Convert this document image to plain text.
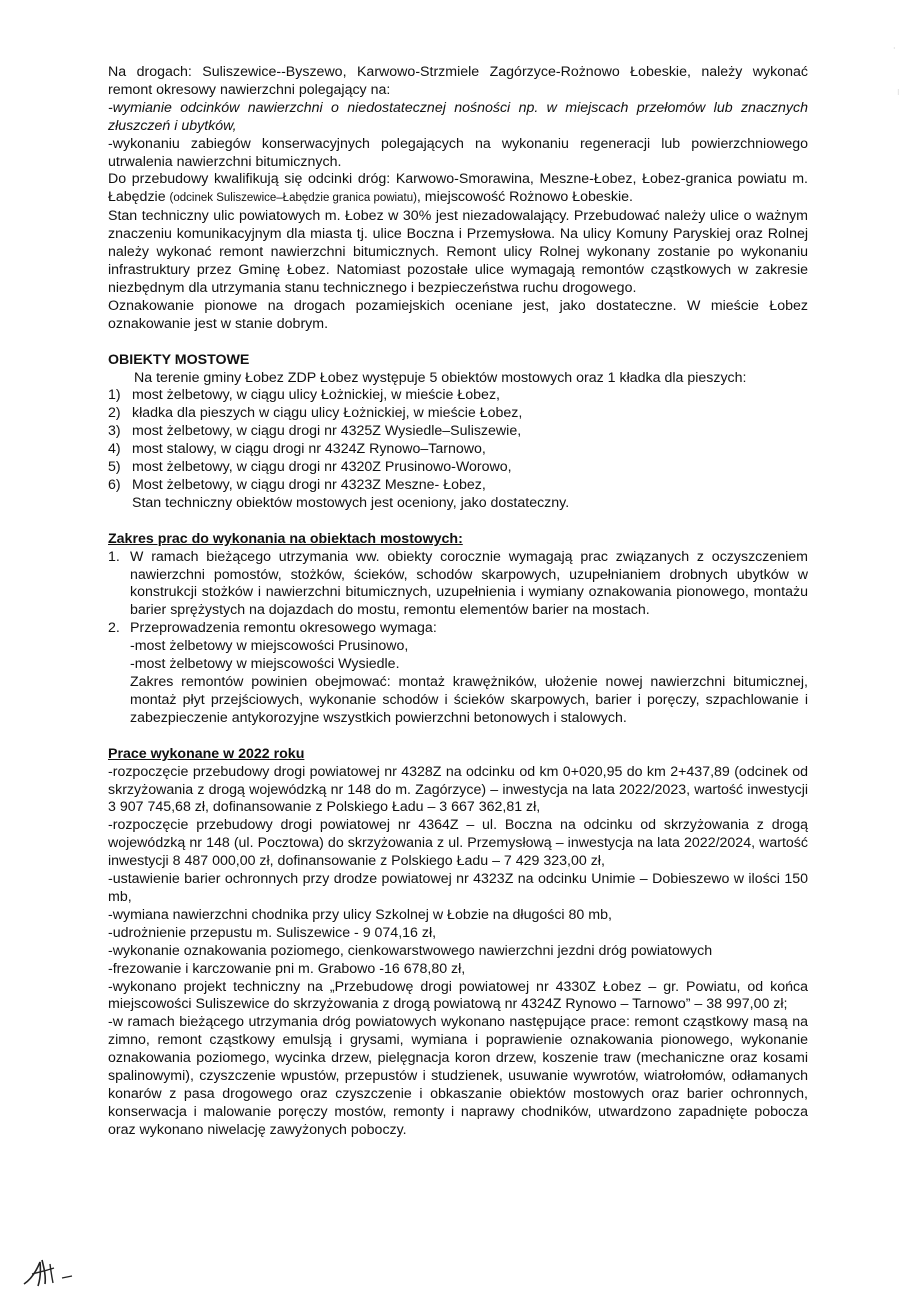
·
⁝

Na drogach: Suliszewice--Byszewo, Karwowo-Strzmiele Zagórzyce-Rożnowo Łobeskie, należy wykonać remont okresowy nawierzchni polegający na:

-wymianie odcinków nawierzchni o niedostatecznej nośności np. w miejscach przełomów lub znacznych złuszczeń i ubytków,

-wykonaniu zabiegów konserwacyjnych polegających na wykonaniu regeneracji lub powierzchniowego utrwalenia nawierzchni bitumicznych.

Do przebudowy kwalifikują się odcinki dróg: Karwowo-Smorawina, Meszne-Łobez, Łobez-granica powiatu m. Łabędzie (odcinek Suliszewice–Łabędzie granica powiatu), miejscowość Rożnowo Łobeskie.

Stan techniczny ulic powiatowych m. Łobez w 30% jest niezadowalający. Przebudować należy ulice o ważnym znaczeniu komunikacyjnym dla miasta tj. ulice Boczna i Przemysłowa. Na ulicy Komuny Paryskiej oraz Rolnej należy wykonać remont nawierzchni bitumicznych. Remont ulicy Rolnej wykonany zostanie po wykonaniu infrastruktury przez Gminę Łobez. Natomiast pozostałe ulice wymagają remontów cząstkowych w zakresie niezbędnym dla utrzymania stanu technicznego i bezpieczeństwa ruchu drogowego.

Oznakowanie pionowe na drogach pozamiejskich oceniane jest, jako dostateczne. W mieście Łobez oznakowanie jest w stanie dobrym.

OBIEKTY MOSTOWE

Na terenie gminy Łobez ZDP Łobez występuje 5 obiektów mostowych oraz 1 kładka dla pieszych:

1) most żelbetowy, w ciągu ulicy Łożnickiej, w mieście Łobez,
2) kładka dla pieszych w ciągu ulicy Łożnickiej, w mieście Łobez,
3) most żelbetowy, w ciągu drogi nr 4325Z Wysiedle–Suliszewie,
4) most stalowy, w ciągu drogi nr 4324Z Rynowo–Tarnowo,
5) most żelbetowy, w ciągu drogi nr 4320Z Prusinowo-Worowo,
6) Most żelbetowy, w ciągu drogi nr 4323Z Meszne- Łobez,

Stan techniczny obiektów mostowych jest oceniony, jako dostateczny.

Zakres prac do wykonania na obiektach mostowych:

1. W ramach bieżącego utrzymania ww. obiekty corocznie wymagają prac związanych z oczyszczeniem nawierzchni pomostów, stożków, ścieków, schodów skarpowych, uzupełnianiem drobnych ubytków w konstrukcji stożków i nawierzchni bitumicznych, uzupełnienia i wymiany oznakowania pionowego, montażu barier sprężystych na dojazdach do mostu, remontu elementów barier na mostach.
2. Przeprowadzenia remontu okresowego wymaga:

-most żelbetowy w miejscowości Prusinowo,

-most żelbetowy w miejscowości Wysiedle.

Zakres remontów powinien obejmować: montaż krawężników, ułożenie nowej nawierzchni bitumicznej, montaż płyt przejściowych, wykonanie schodów i ścieków skarpowych, barier i poręczy, szpachlowanie i zabezpieczenie antykorozyjne wszystkich powierzchni betonowych i stalowych.

Prace wykonane w 2022 roku

-rozpoczęcie przebudowy drogi powiatowej nr 4328Z na odcinku od km 0+020,95 do km 2+437,89 (odcinek od skrzyżowania z drogą wojewódzką nr 148 do m. Zagórzyce) – inwestycja na lata 2022/2023, wartość inwestycji 3 907 745,68 zł, dofinansowanie z Polskiego Ładu – 3 667 362,81 zł,

-rozpoczęcie przebudowy drogi powiatowej nr 4364Z – ul. Boczna na odcinku od skrzyżowania z drogą wojewódzką nr 148 (ul. Pocztowa) do skrzyżowania z ul. Przemysłową – inwestycja na lata 2022/2024, wartość inwestycji 8 487 000,00 zł, dofinansowanie z Polskiego Ładu – 7 429 323,00 zł,

-ustawienie barier ochronnych przy drodze powiatowej nr 4323Z na odcinku Unimie – Dobieszewo w ilości 150 mb,

-wymiana nawierzchni chodnika przy ulicy Szkolnej w Łobzie na długości 80 mb,

-udrożnienie przepustu m. Suliszewice - 9 074,16 zł,

-wykonanie oznakowania poziomego, cienkowarstwowego nawierzchni jezdni dróg powiatowych

-frezowanie i karczowanie pni m. Grabowo -16 678,80 zł,

-wykonano projekt techniczny na „Przebudowę drogi powiatowej nr 4330Z Łobez – gr. Powiatu, od końca miejscowości Suliszewice do skrzyżowania z drogą powiatową nr 4324Z Rynowo – Tarnowo” – 38 997,00 zł;

-w ramach bieżącego utrzymania dróg powiatowych wykonano następujące prace: remont cząstkowy masą na zimno, remont cząstkowy emulsją i grysami, wymiana i poprawienie oznakowania pionowego, wykonanie oznakowania poziomego, wycinka drzew, pielęgnacja koron drzew, koszenie traw (mechaniczne oraz kosami spalinowymi), czyszczenie wpustów, przepustów i studzienek, usuwanie wywrotów, wiatrołomów, odłamanych konarów z pasa drogowego oraz czyszczenie i obkaszanie obiektów mostowych oraz barier ochronnych, konserwacja i malowanie poręczy mostów, remonty i naprawy chodników, utwardzono zapadnięte pobocza oraz wykonano niwelację zawyżonych poboczy.
